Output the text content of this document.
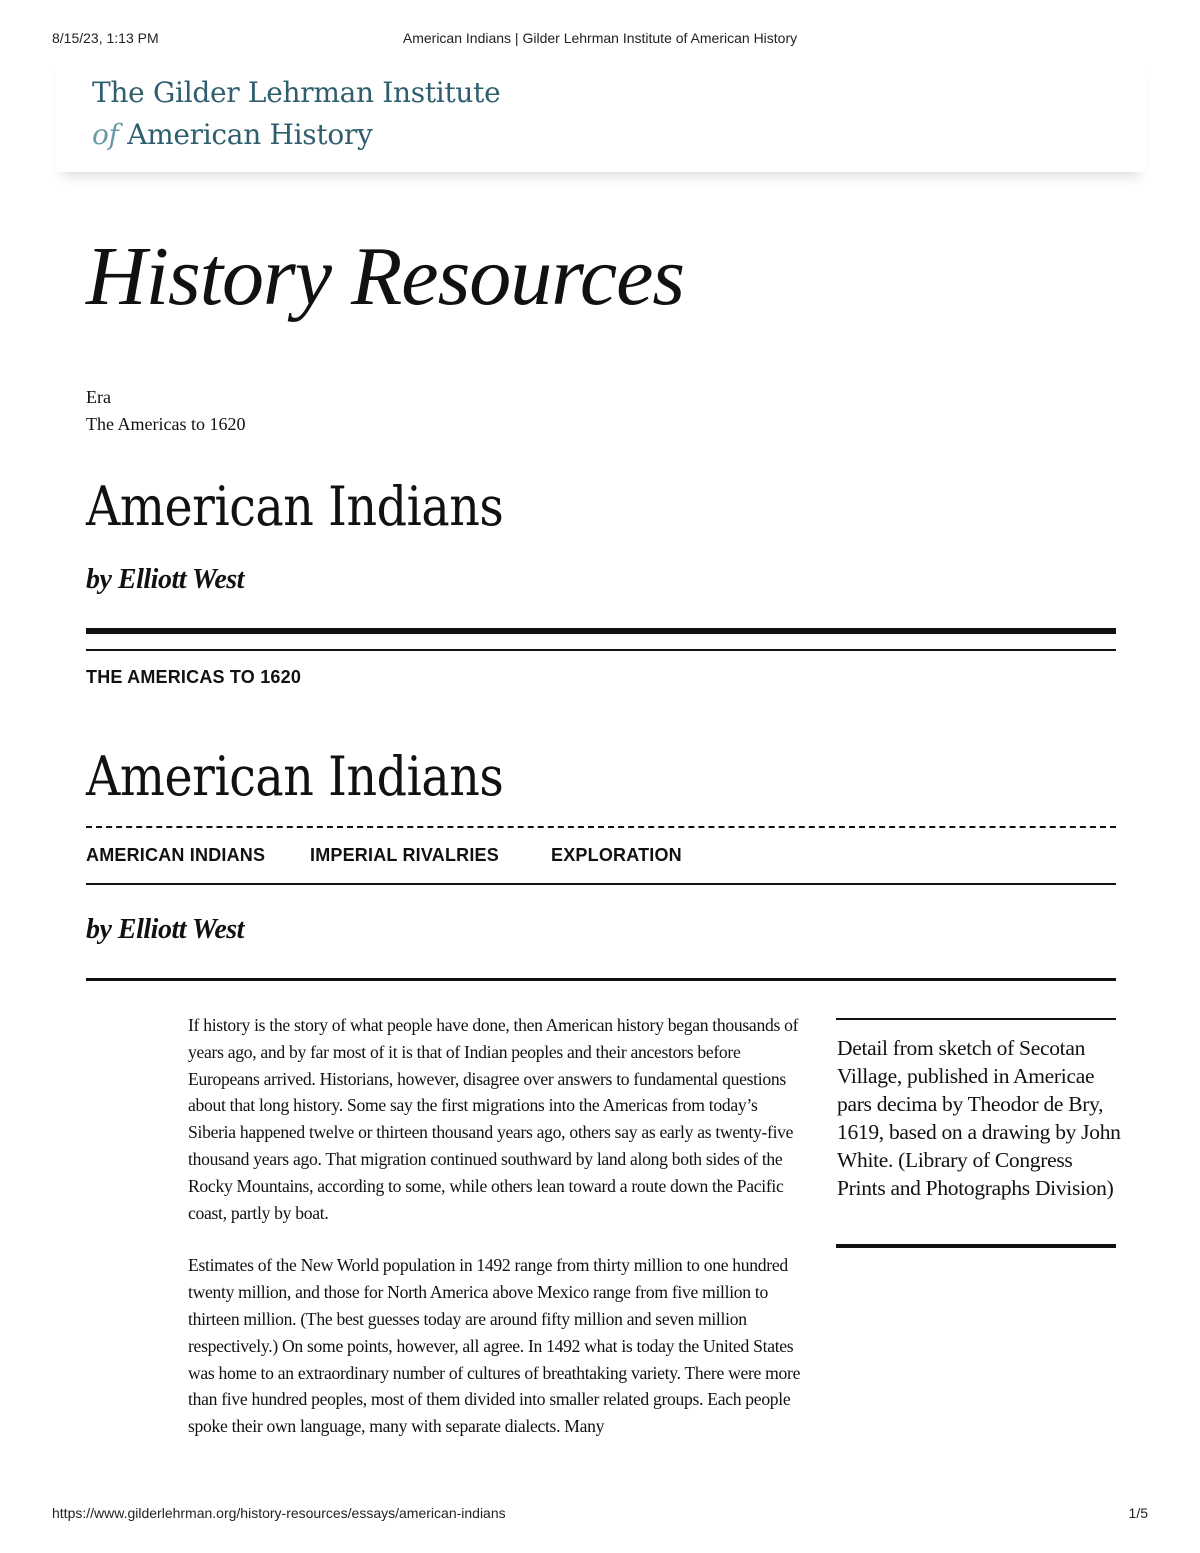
8/15/23, 1:13 PM	American Indians | Gilder Lehrman Institute of American History
The Gilder Lehrman Institute
of American History
History Resources
Era
The Americas to 1620
American Indians
by Elliott West
THE AMERICAS TO 1620
American Indians
AMERICAN INDIANS IMPERIAL RIVALRIES	EXPLORATION
by Elliott West

If history is the story of what people have done, then American history began thousands of years ago, and by far most of it is that of Indian peoples and their ancestors before Europeans arrived. Historians, however, disagree over answers to fundamental questions about that long history. Some say the first migrations into the Americas from today’s Siberia happened twelve or thirteen thousand years ago, others say as early as twenty-five thousand years ago. That migration continued southward by land along both sides of the Rocky Mountains, according to some, while others lean toward a route down the Pacific coast, partly by boat.

Estimates of the New World population in 1492 range from thirty million to one hundred twenty million, and those for North America above Mexico range from five million to thirteen million. (The best guesses today are around fifty million and seven million respectively.) On some points, however, all agree. In 1492 what is today the United States was home to an extraordinary number of cultures of breathtaking variety. There were more than five hundred peoples, most of them divided into smaller related groups. Each people spoke their own language, many with separate dialects. Many

Detail from sketch of Secotan Village, published in Americae pars decima by Theodor de Bry, 1619, based on a drawing by John White. (Library of Congress Prints and Photographs Division)
https://www.gilderlehrman.org/history-resources/essays/american-indians	1/5
